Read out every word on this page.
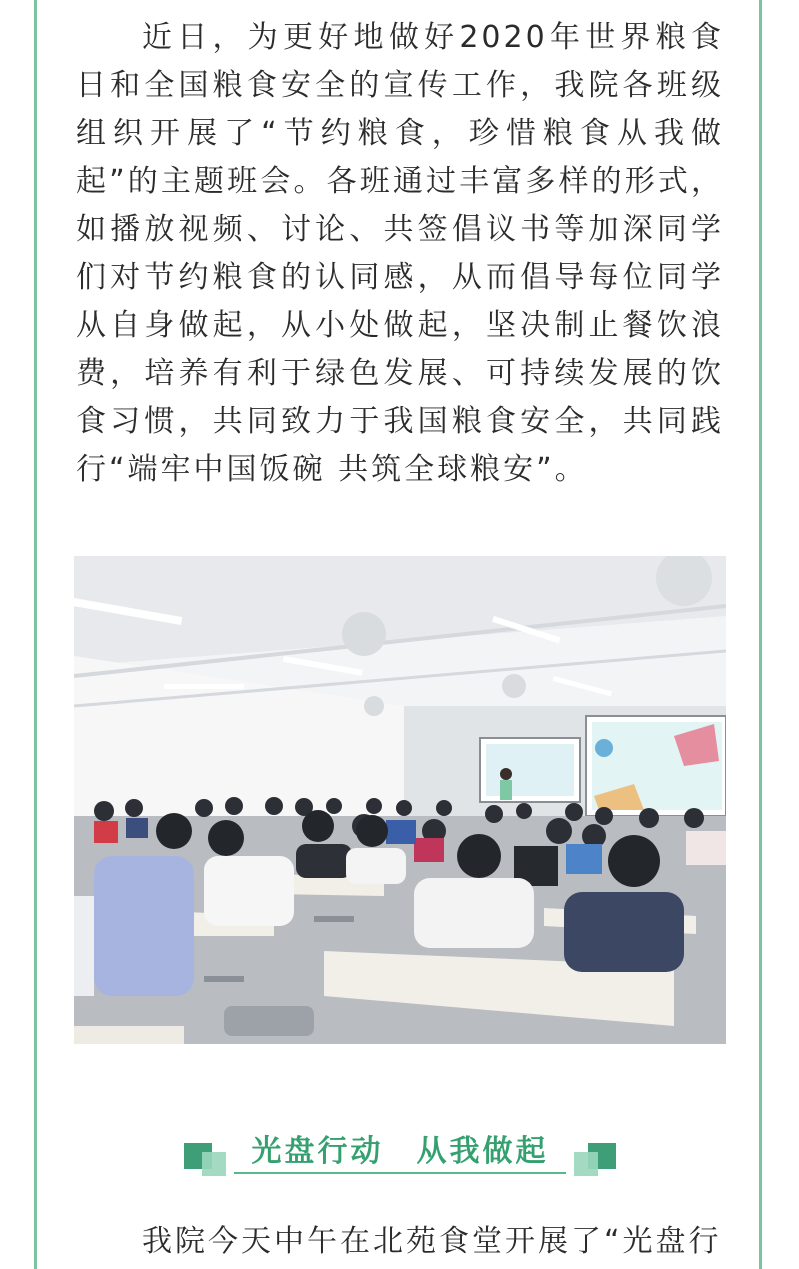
近日，为更好地做好2020年世界粮食日和全国粮食安全的宣传工作，我院各班级组织开展了“节约粮食，珍惜粮食从我做起”的主题班会。各班通过丰富多样的形式，如播放视频、讨论、共签倡议书等加深同学们对节约粮食的认同感，从而倡导每位同学从自身做起，从小处做起，坚决制止餐饮浪费，培养有利于绿色发展、可持续发展的饮食习惯，共同致力于我国粮食安全，共同践行“端牢中国饭碗 共筑全球粮安”。

光盘行动　从我做起

我院今天中午在北苑食堂开展了“光盘行
